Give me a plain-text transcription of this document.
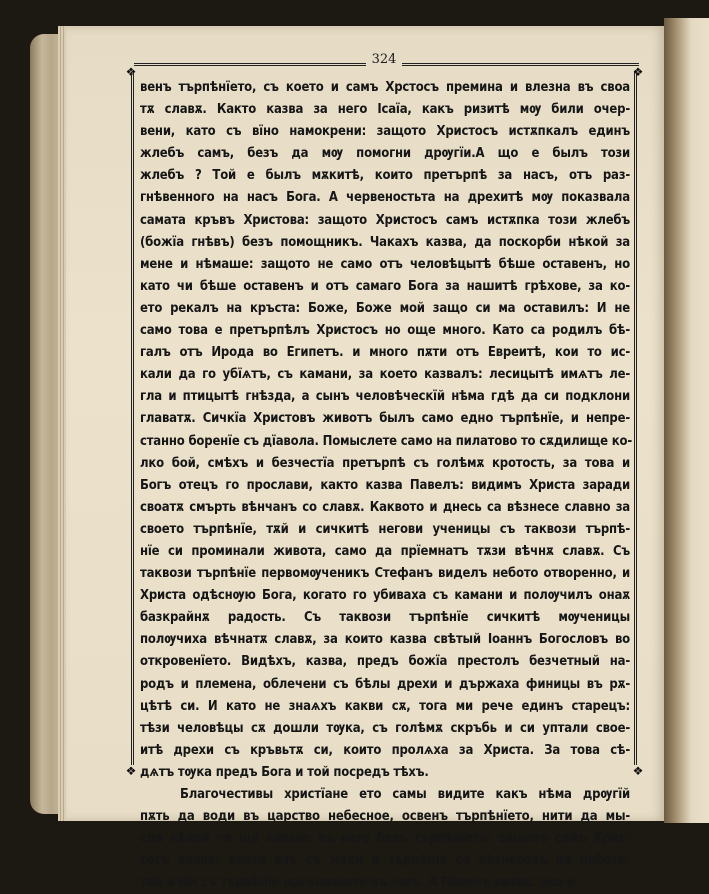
324
❖	❖
❖	❖
венъ търпѣнїето, съ което и самъ Хрстосъ премина и влезна въ своа
тѫ славѫ. Както казва за него Ісаїа, какъ ризитѣ мѹ били очер-
вени, като съ вїно намокрени: защото Христосъ истѫпкалъ единъ
жлебъ самъ, безъ да мѹ помогни дрѹгїи.А що е былъ този
жлебъ ? Той е былъ мѫкитѣ, които претърпѣ за насъ, отъ раз-
гнѣвенного на насъ Бога. А червеностьта на дрехитѣ мѹ показвала
самата кръвъ Христова: защото Христосъ самъ истѫпка този жлебъ
(божїа гнѣвъ) безъ помощникъ. Чакахъ казва, да поскорби нѣкой за
мене и нѣмаше: защото не само отъ человѣцытѣ бѣше оставенъ, но
като чи бѣше оставенъ и отъ самаго Бога за нашитѣ грѣхове, за ко-
ето рекалъ на кръста: Боже, Боже мой защо си ма оставилъ: И не
само това е претърпѣлъ Христосъ но още много. Като са родилъ бѣ-
галъ отъ Ирода во Египетъ. и много пѫти отъ Евреитѣ, кои то ис-
кали да го убїѧтъ, съ камани, за което казвалъ: лесицытѣ имѧтъ ле-
гла и птицытѣ гнѣзда, а сынъ человѣческїй нѣма гдѣ да си подклони
главатѫ. Сичкїа Христовъ животъ былъ само едно търпѣнїе, и непре-
станно боренїе съ дїавола. Помыслете само на пилатово то сѫдилище ко-
лко бой, смѣхъ и безчестїа претърпѣ съ голѣмѫ кротость, за това и
Богъ отецъ го прослави, както казва Павелъ: видимъ Христа заради
своатѫ смърть вѣнчанъ со славѫ. Каквото и днесь са вѣзнесе славно за
своето търпѣнїе, тѫй и сичкитѣ негови ученицы съ таквози търпѣ-
нїе си проминали живота, само да прїемнатъ тѫзи вѣчнѫ славѫ. Съ
таквози търпѣнїе первомѹченикъ Стефанъ виделъ небото отворенно, и
Христа одѣснѹю Бога, когато го убиваха съ камани и полѹчилъ онаѫ
базкрайнѫ радость. Съ таквози търпѣнїе сичкитѣ мѹченицы
полѹчиха вѣчнатѫ славѫ, за които казва свѣтый Іоаннъ Богословъ во
откровенїето. Видѣхъ, казва, предъ божїа престолъ безчетный на-
родъ и племена, облечени съ бѣлы дрехи и държаха финицы въ рѫ-
цѣтѣ си. И като не знаѧхъ какви сѫ, тога ми рече единъ старецъ:
тѣзи человѣцы сѫ дошли тѹка, съ голѣмѫ скръбь и си уптали свое-
итѣ дрехи съ кръвьтѫ си, които пролѧха за Христа. За това сѣ-
дѧтъ тѹка предъ Бога и той посредъ тѣхъ.
Благочестивы христїане ето самы видите какъ нѣма дрѹгїй
пѫть да води въ царство небесное, освенъ търпѣнїето, нити да мы-
сли нѣкой чи ще влезне въ него безъ търпѣнїето: защото самъ Хрис-
тосъ казва: както азъ съ мѫки и търпѣнїе са вѣзнесохъ на небото,
тѫй и вїи съ търпѣнїе ще влезнете въ него. А Павелъ казва: ако у-
